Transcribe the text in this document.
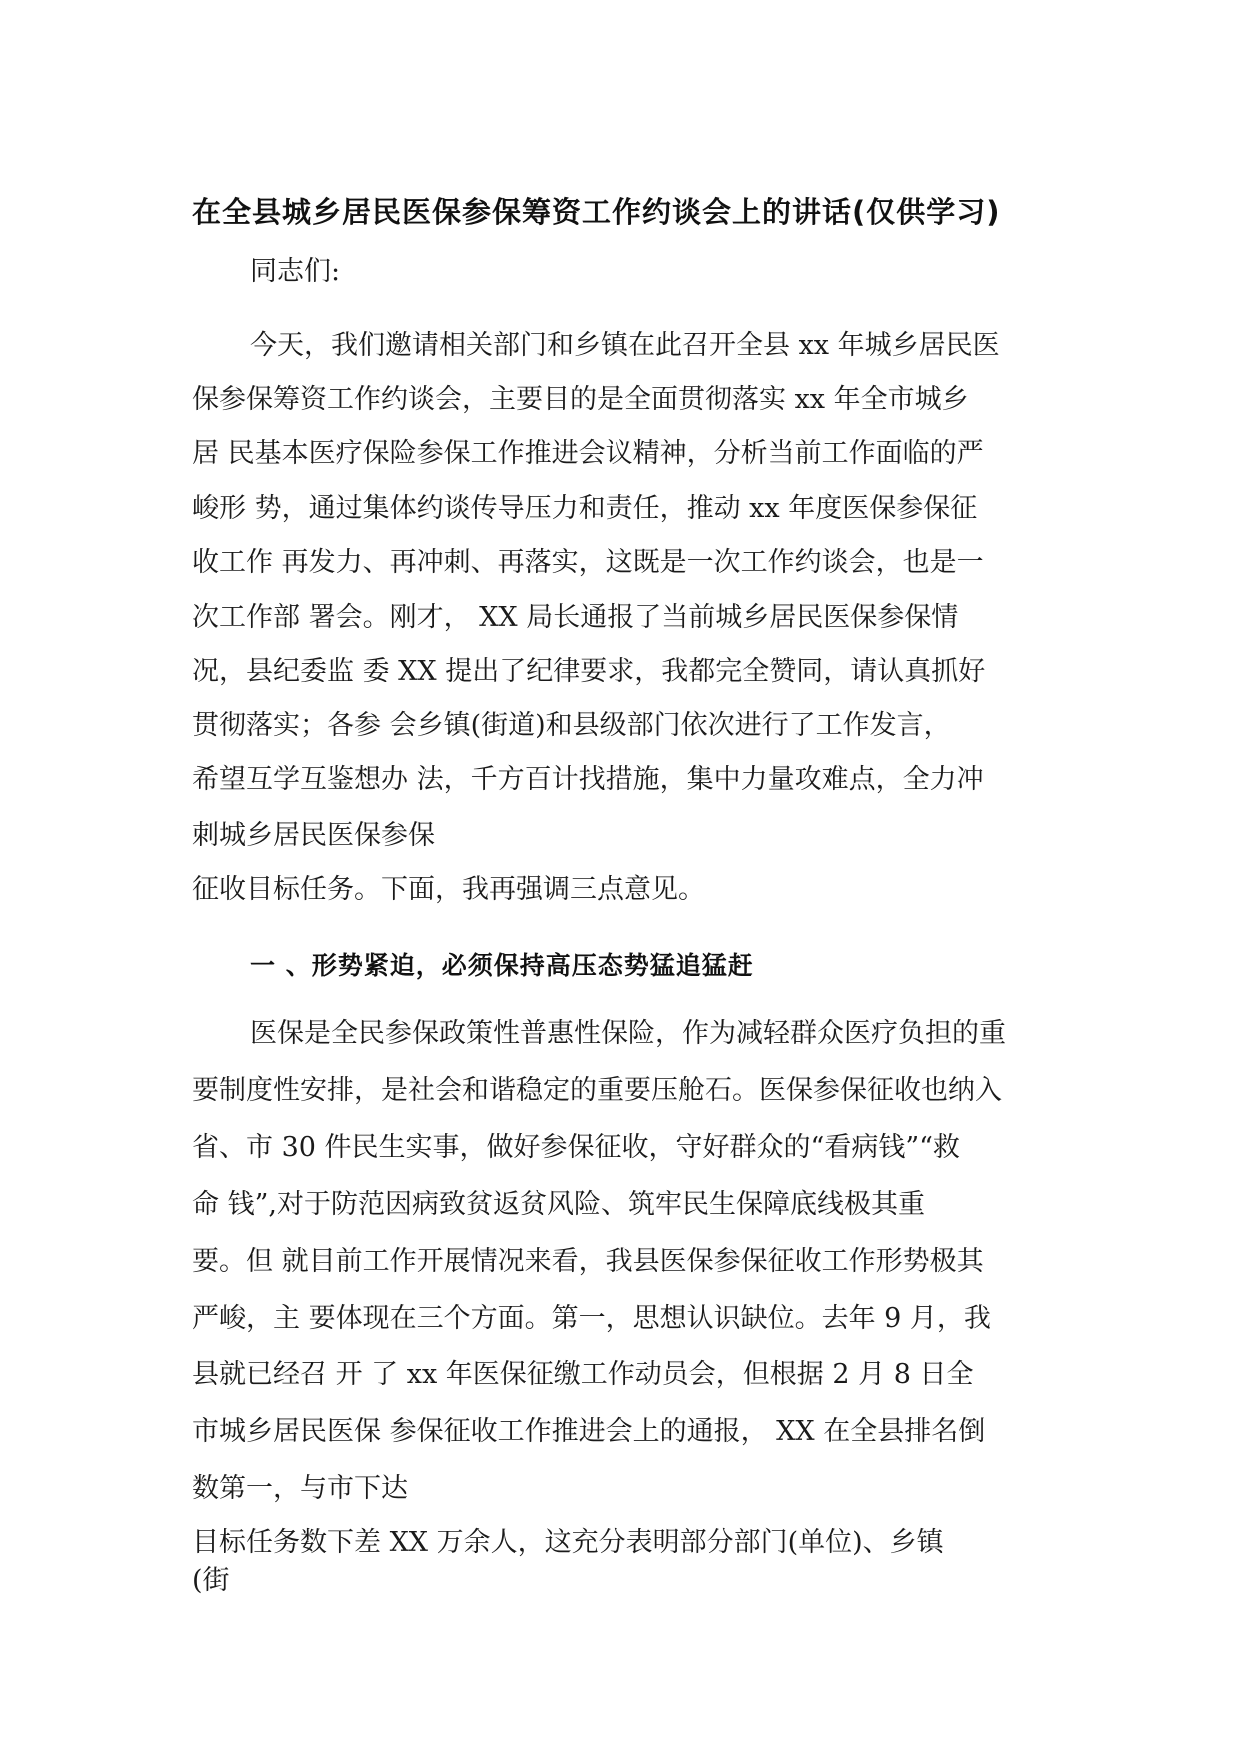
在全县城乡居民医保参保筹资工作约谈会上的讲话(仅供学习)
同志们:
今天，我们邀请相关部门和乡镇在此召开全县 xx 年城乡居民医
保参保筹资工作约谈会，主要目的是全面贯彻落实 xx 年全市城乡
居 民基本医疗保险参保工作推进会议精神，分析当前工作面临的严
峻形 势，通过集体约谈传导压力和责任，推动 xx 年度医保参保征
收工作 再发力、再冲刺、再落实，这既是一次工作约谈会，也是一
次工作部 署会。刚才， XX 局长通报了当前城乡居民医保参保情
况，县纪委监 委 XX 提出了纪律要求，我都完全赞同，请认真抓好
贯彻落实；各参 会乡镇(街道)和县级部门依次进行了工作发言，
希望互学互鉴想办 法，千方百计找措施，集中力量攻难点，全力冲
刺城乡居民医保参保
征收目标任务。下面，我再强调三点意见。
一 、形势紧迫，必须保持高压态势猛追猛赶
医保是全民参保政策性普惠性保险，作为减轻群众医疗负担的重
要制度性安排，是社会和谐稳定的重要压舱石。医保参保征收也纳入
省、市 30 件民生实事，做好参保征收，守好群众的“看病钱”“救
命 钱”,对于防范因病致贫返贫风险、筑牢民生保障底线极其重
要。但 就目前工作开展情况来看，我县医保参保征收工作形势极其
严峻，主 要体现在三个方面。第一，思想认识缺位。去年 9 月，我
县就已经召 开 了 xx 年医保征缴工作动员会，但根据 2 月 8 日全
市城乡居民医保 参保征收工作推进会上的通报， XX 在全县排名倒
数第一，与市下达
目标任务数下差 XX 万余人，这充分表明部分部门(单位)、乡镇
(街
